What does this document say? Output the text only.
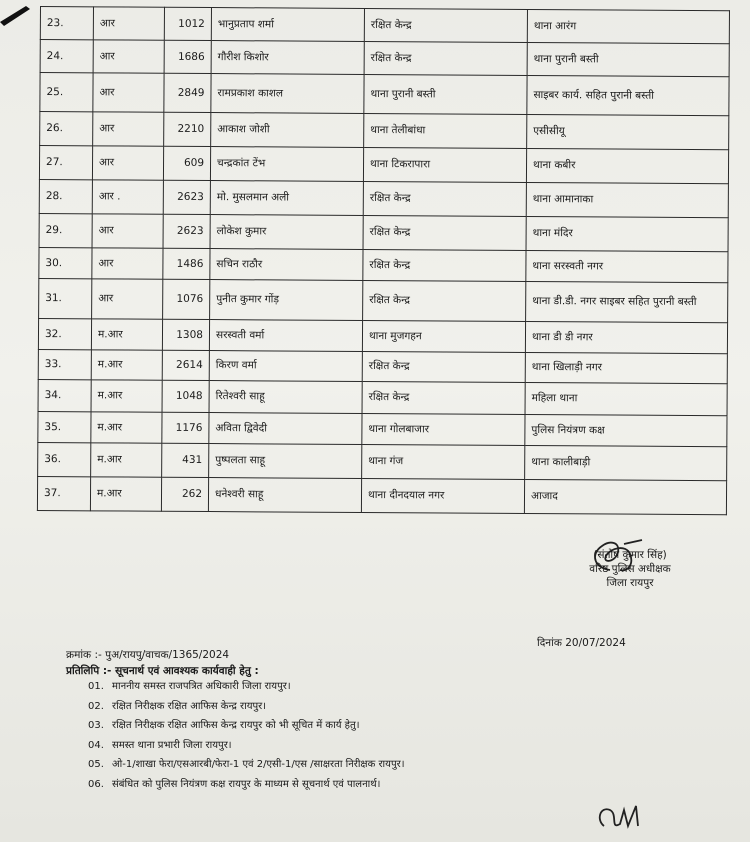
23.	आर	1012	भानुप्रताप शर्मा	रक्षित केन्द्र	थाना आरंग
24.	आर	1686	गौरीश किशोर	रक्षित केन्द्र	थाना पुरानी बस्ती
25.	आर	2849	रामप्रकाश काशल	थाना पुरानी बस्ती	साइबर कार्य. सहित पुरानी बस्ती
26.	आर	2210	आकाश जोशी	थाना तेलीबांधा	एसीसीयू
27.	आर	609	चन्द्रकांत टेंभ	थाना टिकरापारा	थाना कबीर
28.	आर .	2623	मो. मुसलमान अली	रक्षित केन्द्र	थाना आमानाका
29.	आर	2623	लोकेश कुमार	रक्षित केन्द्र	थाना मंदिर
30.	आर	1486	सचिन राठौर	रक्षित केन्द्र	थाना सरस्वती नगर
31.	आर	1076	पुनीत कुमार गोंड़	रक्षित केन्द्र	थाना डी.डी. नगर साइबर सहित पुरानी बस्ती
32.	म.आर	1308	सरस्वती वर्मा	थाना मुजगहन	थाना डी डी नगर
33.	म.आर	2614	किरण वर्मा	रक्षित केन्द्र	थाना खिलाड़ी नगर
34.	म.आर	1048	रितेश्वरी साहू	रक्षित केन्द्र	महिला थाना
35.	म.आर	1176	अविता द्विवेदी	थाना गोलबाजार	पुलिस नियंत्रण कक्ष
36.	म.आर	431	पुष्पलता साहू	थाना गंज	थाना कालीबाड़ी
37.	म.आर	262	धनेश्वरी साहू	थाना दीनदयाल नगर	आजाद
(संतोष कुमार सिंह)
वरिष्ठ पुलिस अधीक्षक
जिला रायपुर
दिनांक 20/07/2024
क्रमांक :- पुअ/रायपु/वाचक/1365/2024
प्रतिलिपि :- सूचनार्थ एवं आवश्यक कार्यवाही हेतु :
01. माननीय समस्त राजपत्रित अधिकारी जिला रायपुर।
02. रक्षित निरीक्षक रक्षित आफिस केन्द्र रायपुर।
03. रक्षित निरीक्षक रक्षित आफिस केन्द्र रायपुर को भी सूचित में कार्य हेतु।
04. समस्त थाना प्रभारी जिला रायपुर।
05. ओ-1/शाखा फेरा/एसआरबी/फेरा-1 एवं 2/एसी-1/एस /साक्षरता निरीक्षक रायपुर।
06. संबंधित को पुलिस नियंत्रण कक्ष रायपुर के माध्यम से सूचनार्थ एवं पालनार्थ।
